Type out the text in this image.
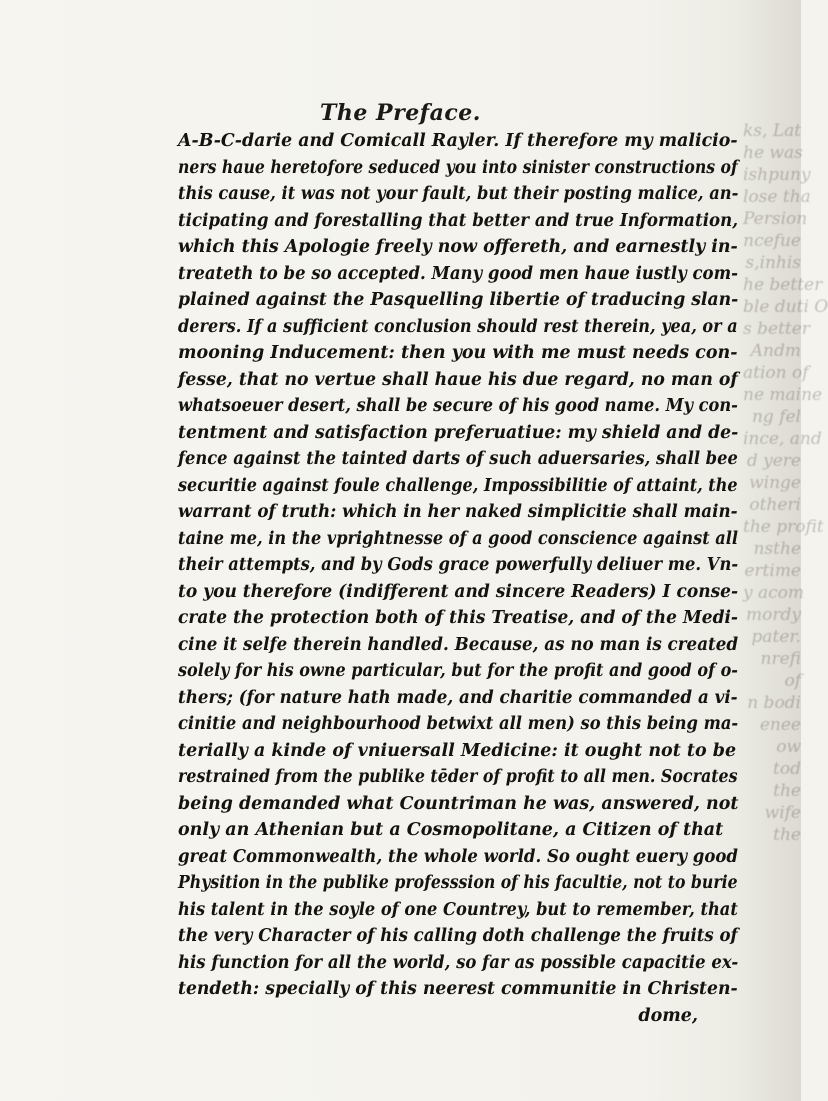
ks, Lat
he was
ishpuny
lose tha
Persion
ncefue
s,inhis
he better
ble duti O
s better
Andm
ation of
ne maine
ng fel
ince, and
d yere
winge
otheri
the profit
nsthe
ertime
y acom
mordy
pater.
nrefi
of
n bodi
enee
ow
tod
the
wife
the
The Preface.
A-B-C-darie and Comicall Rayler. If therefore my malicio-
ners haue heretofore seduced you into sinister constructions of
this cause, it was not your fault, but their posting malice, an-
ticipating and forestalling that better and true Information,
which this Apologie freely now offereth, and earnestly in-
treateth to be so accepted. Many good men haue iustly com-
plained against the Pasquelling libertie of traducing slan-
derers. If a sufficient conclusion should rest therein, yea, or a
mooning Inducement: then you with me must needs con-
fesse, that no vertue shall haue his due regard, no man of
whatsoeuer desert, shall be secure of his good name. My con-
tentment and satisfaction preferuatiue: my shield and de-
fence against the tainted darts of such aduersaries, shall bee
securitie against foule challenge, Impossibilitie of attaint, the
warrant of truth: which in her naked simplicitie shall main-
taine me, in the vprightnesse of a good conscience against all
their attempts, and by Gods grace powerfully deliuer me. Vn-
to you therefore (indifferent and sincere Readers) I conse-
crate the protection both of this Treatise, and of the Medi-
cine it selfe therein handled. Because, as no man is created
solely for his owne particular, but for the profit and good of o-
thers; (for nature hath made, and charitie commanded a vi-
cinitie and neighbourhood betwixt all men) so this being ma-
terially a kinde of vniuersall Medicine: it ought not to be
restrained from the publike tēder of profit to all men. Socrates
being demanded what Countriman he was, answered, not
only an Athenian but a Cosmopolitane, a Citizen of that
great Commonwealth, the whole world. So ought euery good
Physition in the publike professsion of his facultie, not to burie
his talent in the soyle of one Countrey, but to remember, that
the very Character of his calling doth challenge the fruits of
his function for all the world, so far as possible capacitie ex-
tendeth: specially of this neerest communitie in Christen-
dome,
